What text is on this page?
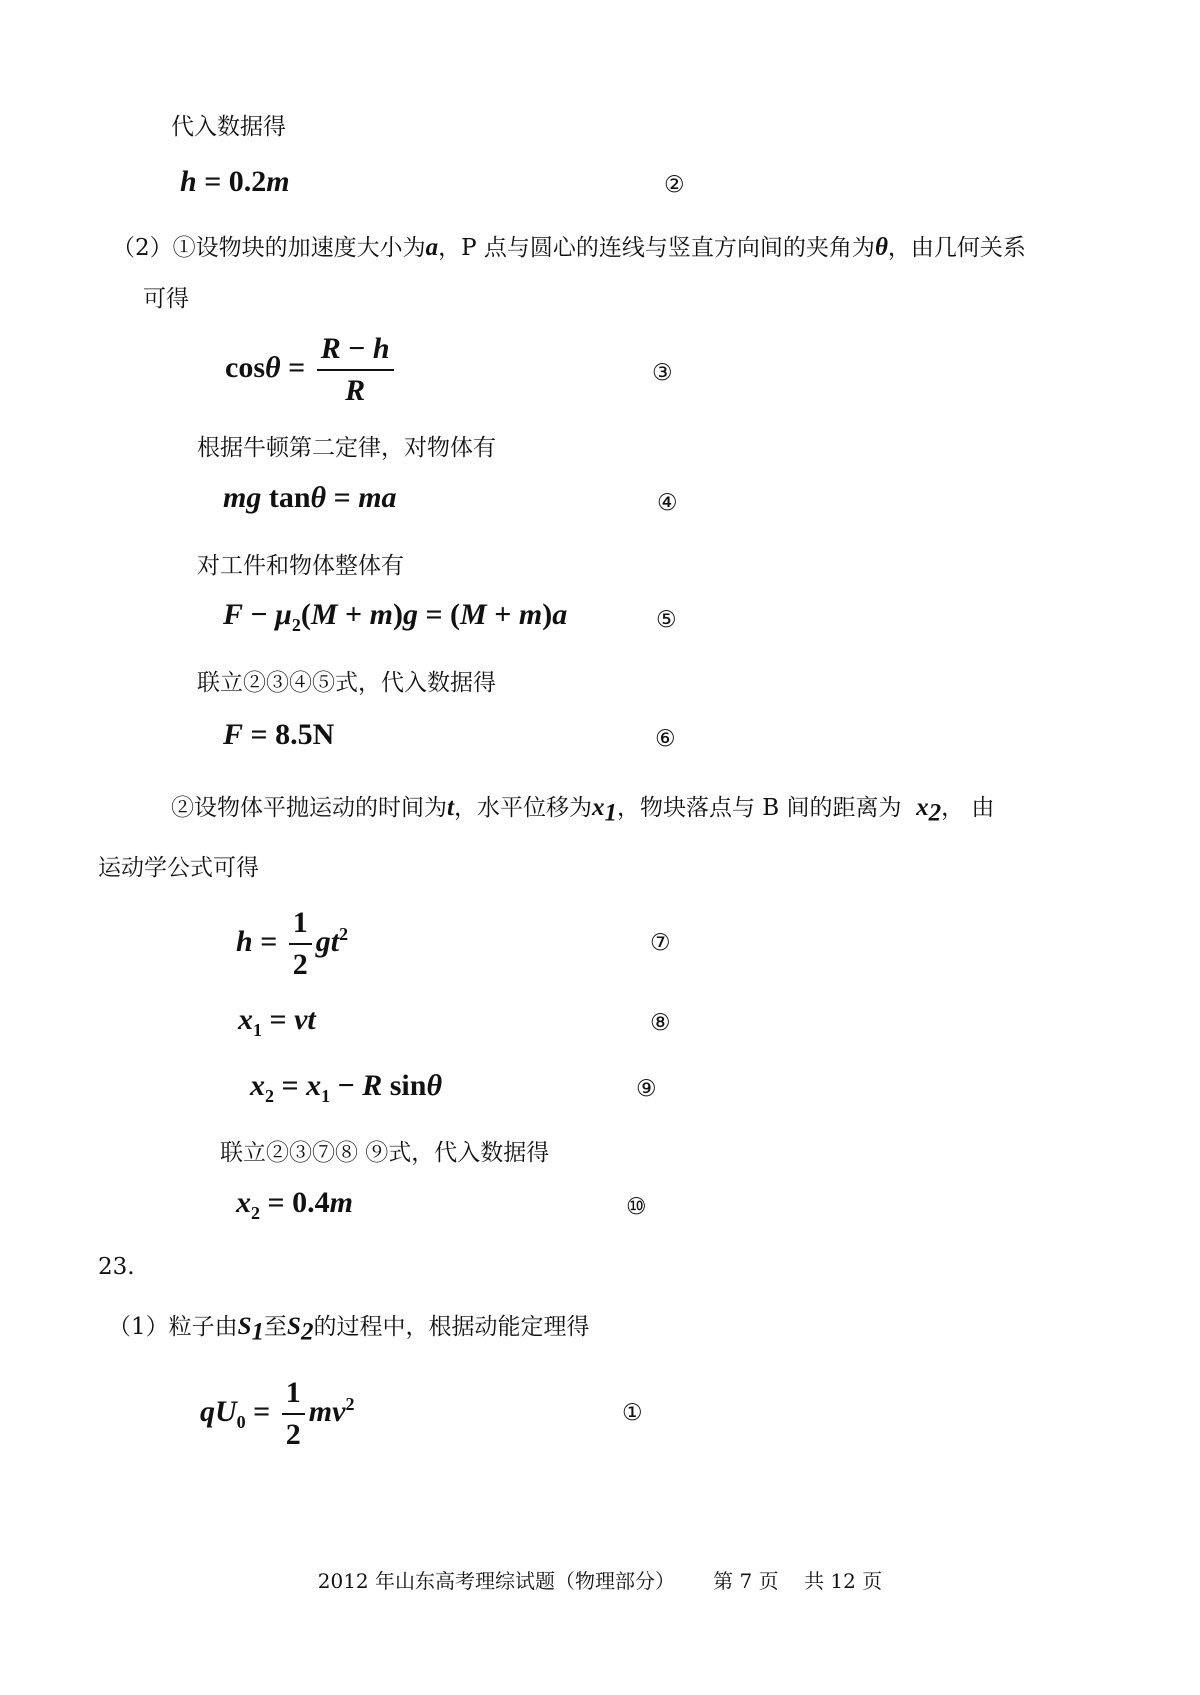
代入数据得
h = 0.2m	②
（2）①设物块的加速度大小为a，P 点与圆心的连线与竖直方向间的夹角为θ，由几何关系
可得
$\cos\theta = \frac{R - h}{R}$	③
根据牛顿第二定律，对物体有
mg tanθ = ma	④
对工件和物体整体有
$F - \mu_2(M + m)g = (M + m)a$	⑤
联立②③④⑤式，代入数据得
F = 8.5N	⑥
②设物体平抛运动的时间为t，水平位移为$x_1$，物块落点与 B 间的距离为 $x_2$， 由
运动学公式可得
$h = \frac{1}{2} gt^2$	⑦
$x_1$ = vt	⑧
$x_2 = x_1 - R$ sinθ	⑨
联立②③⑦⑧ ⑨式，代入数据得
$x_2 = 0.4m$	⑩
23.
（1）粒子由$S_1$至$S_2$的过程中，根据动能定理得
$qU_0 = \frac{1}{2} mv^2$	①
2012 年山东高考理综试题（物理部分） 第 7 页 共 12 页
